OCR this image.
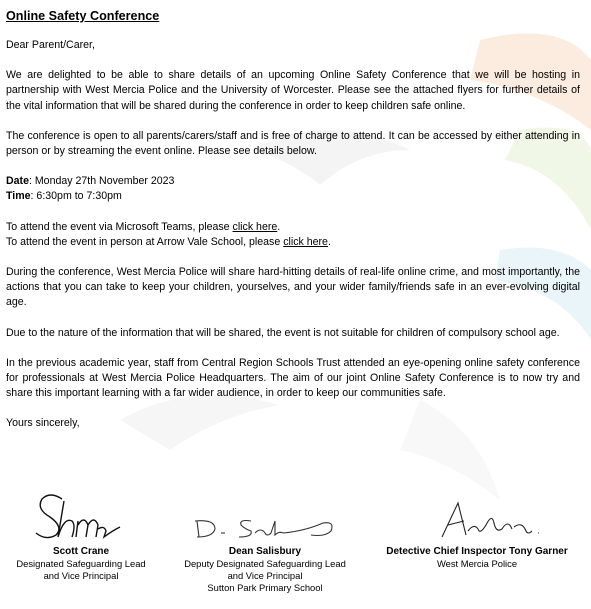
Online Safety Conference

Dear Parent/Carer,

We are delighted to be able to share details of an upcoming Online Safety Conference that we will be hosting in partnership with West Mercia Police and the University of Worcester. Please see the attached flyers for further details of the vital information that will be shared during the conference in order to keep children safe online.

The conference is open to all parents/carers/staff and is free of charge to attend. It can be accessed by either attending in person or by streaming the event online. Please see details below.

Date: Monday 27th November 2023
Time: 6:30pm to 7:30pm

To attend the event via Microsoft Teams, please click here.
To attend the event in person at Arrow Vale School, please click here.

During the conference, West Mercia Police will share hard-hitting details of real-life online crime, and most importantly, the actions that you can take to keep your children, yourselves, and your wider family/friends safe in an ever-evolving digital age.

Due to the nature of the information that will be shared, the event is not suitable for children of compulsory school age.

In the previous academic year, staff from Central Region Schools Trust attended an eye-opening online safety conference for professionals at West Mercia Police Headquarters. The aim of our joint Online Safety Conference is to now try and share this important learning with a far wider audience, in order to keep our communities safe.

Yours sincerely,

Scott Crane
Designated Safeguarding Lead
and Vice Principal
Dean Salisbury
Deputy Designated Safeguarding Lead
and Vice Principal
Sutton Park Primary School
Detective Chief Inspector Tony Garner
West Mercia Police
